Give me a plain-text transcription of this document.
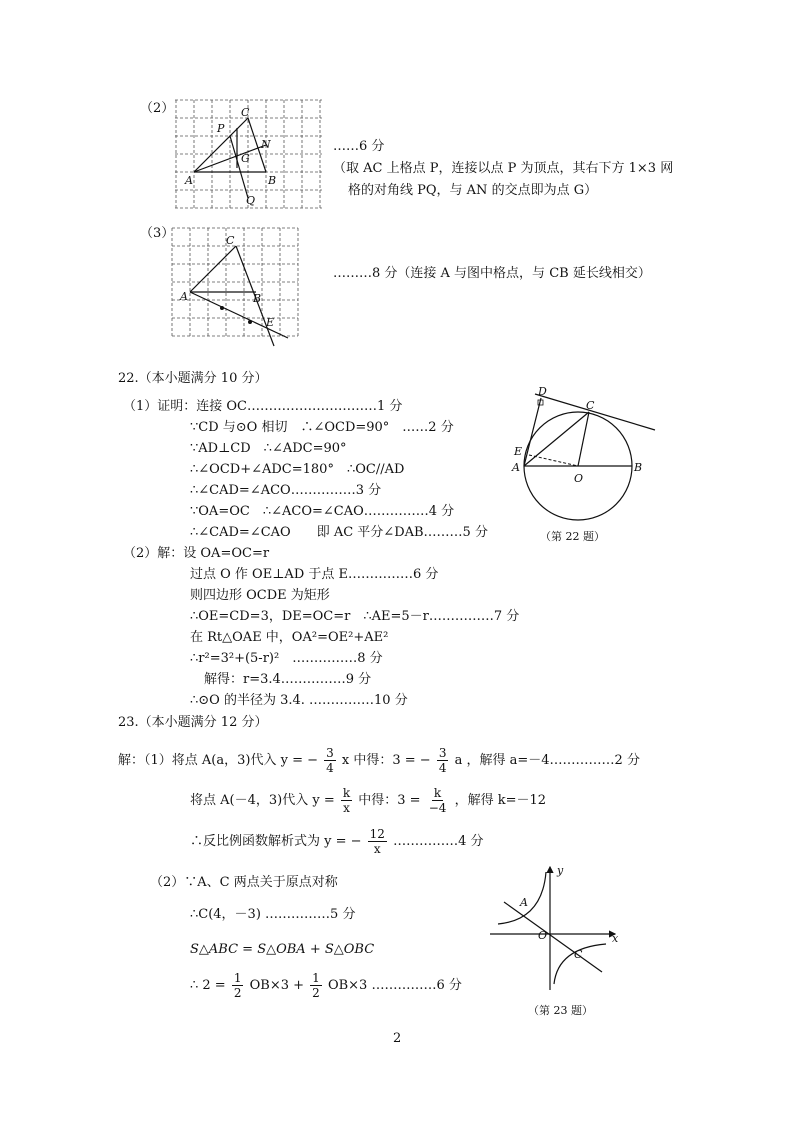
（2）	C
P
N
G
A	B
Q
……6 分
（取 AC 上格点 P，连接以点 P 为顶点，其右下方 1×3 网
格的对角线 PQ，与 AN 的交点即为点 G）
（3）	C
A	B
E
………8 分（连接 A 与图中格点，与 CB 延长线相交）
22.（本小题满分 10 分）
（1）证明：连接 OC…………………………1 分
∵CD 与⊙O 相切　∴∠OCD=90°　……2 分
∵AD⊥CD　∴∠ADC=90°
∴∠OCD+∠ADC=180°　∴OC//AD
∴∠CAD=∠ACO……………3 分
∵OA=OC　∴∠ACO=∠CAO……………4 分
∴∠CAD=∠CAO　　即 AC 平分∠DAB………5 分
（2）解：设 OA=OC=r
过点 O 作 OE⊥AD 于点 E……………6 分
则四边形 OCDE 为矩形
∴OE=CD=3，DE=OC=r　∴AE=5－r……………7 分
在 Rt△OAE 中，OA²=OE²+AE²
∴r²=3²+(5-r)²　……………8 分
解得：r=3.4……………9 分
∴⊙O 的半径为 3.4. ……………10 分
D
C
E
A
O
B
（第 22 题）
23.（本小题满分 12 分）
解：（1）将点 A(a，3)代入 y = − $\frac{3}{4}$ x 中得：3 = − $\frac{3}{4}$ a ，解得 a=－4……………2 分
将点 A(－4，3)代入 $y = \frac{k}{x}$ 中得：$3 = \frac{k}{-4}$ ，解得 k=－12
∴反比例函数解析式为 y = − $\frac{12}{x}$ ……………4 分
（2）∵A、C 两点关于原点对称
∴C(4，－3) ……………5 分
S△ABC = S△OBA + S△OBC
∴ $2 = \frac{1}{2} OB\times 3 + \frac{1}{2} OB\times 3$ ……………6 分
y
x
A
O
C
（第 23 题）
2
